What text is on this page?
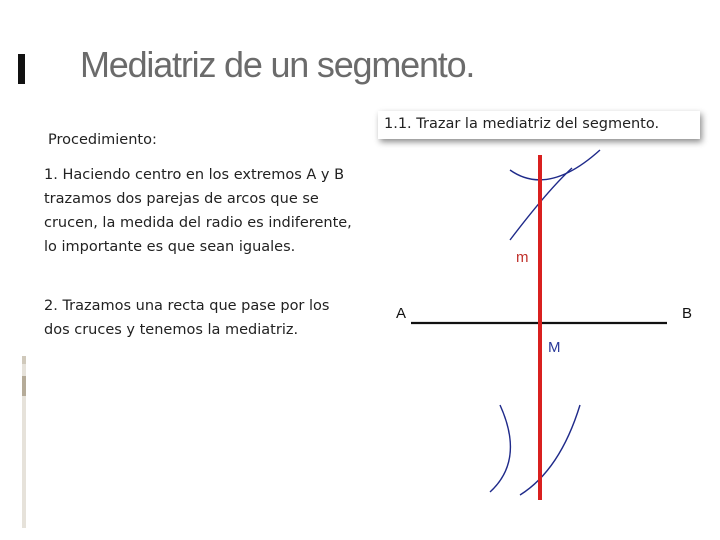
Mediatriz de un segmento.
Procedimiento:

1. Haciendo centro en los extremos A y B trazamos dos parejas de arcos que se crucen, la medida del radio es indiferente, lo importante es que sean iguales.

2. Trazamos una recta que pase por los dos cruces y tenemos la mediatriz.

1.1. Trazar la mediatriz del segmento.
A	B
m
M
